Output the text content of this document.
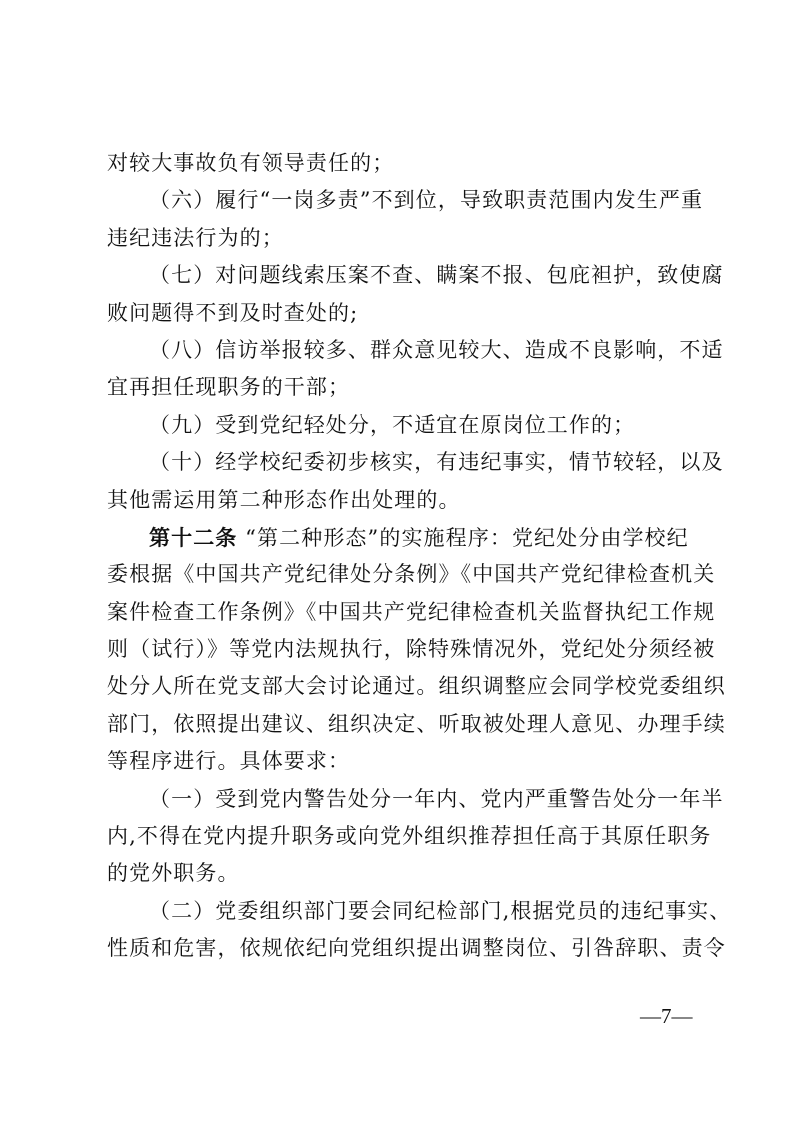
对较大事故负有领导责任的；
（六）履行“一岗多责”不到位，导致职责范围内发生严重
违纪违法行为的；
（七）对问题线索压案不查、瞒案不报、包庇袒护，致使腐
败问题得不到及时查处的;
（八）信访举报较多、群众意见较大、造成不良影响，不适
宜再担任现职务的干部；
（九）受到党纪轻处分，不适宜在原岗位工作的；
（十）经学校纪委初步核实，有违纪事实，情节较轻，以及
其他需运用第二种形态作出处理的。
第十二条 “第二种形态”的实施程序：党纪处分由学校纪
委根据《中国共产党纪律处分条例》《中国共产党纪律检查机关
案件检查工作条例》《中国共产党纪律检查机关监督执纪工作规
则（试行）》等党内法规执行，除特殊情况外，党纪处分须经被
处分人所在党支部大会讨论通过。组织调整应会同学校党委组织
部门，依照提出建议、组织决定、听取被处理人意见、办理手续
等程序进行。具体要求：
（一）受到党内警告处分一年内、党内严重警告处分一年半
内,不得在党内提升职务或向党外组织推荐担任高于其原任职务
的党外职务。
（二）党委组织部门要会同纪检部门,根据党员的违纪事实、
性质和危害，依规依纪向党组织提出调整岗位、引咎辞职、责令
—7—
